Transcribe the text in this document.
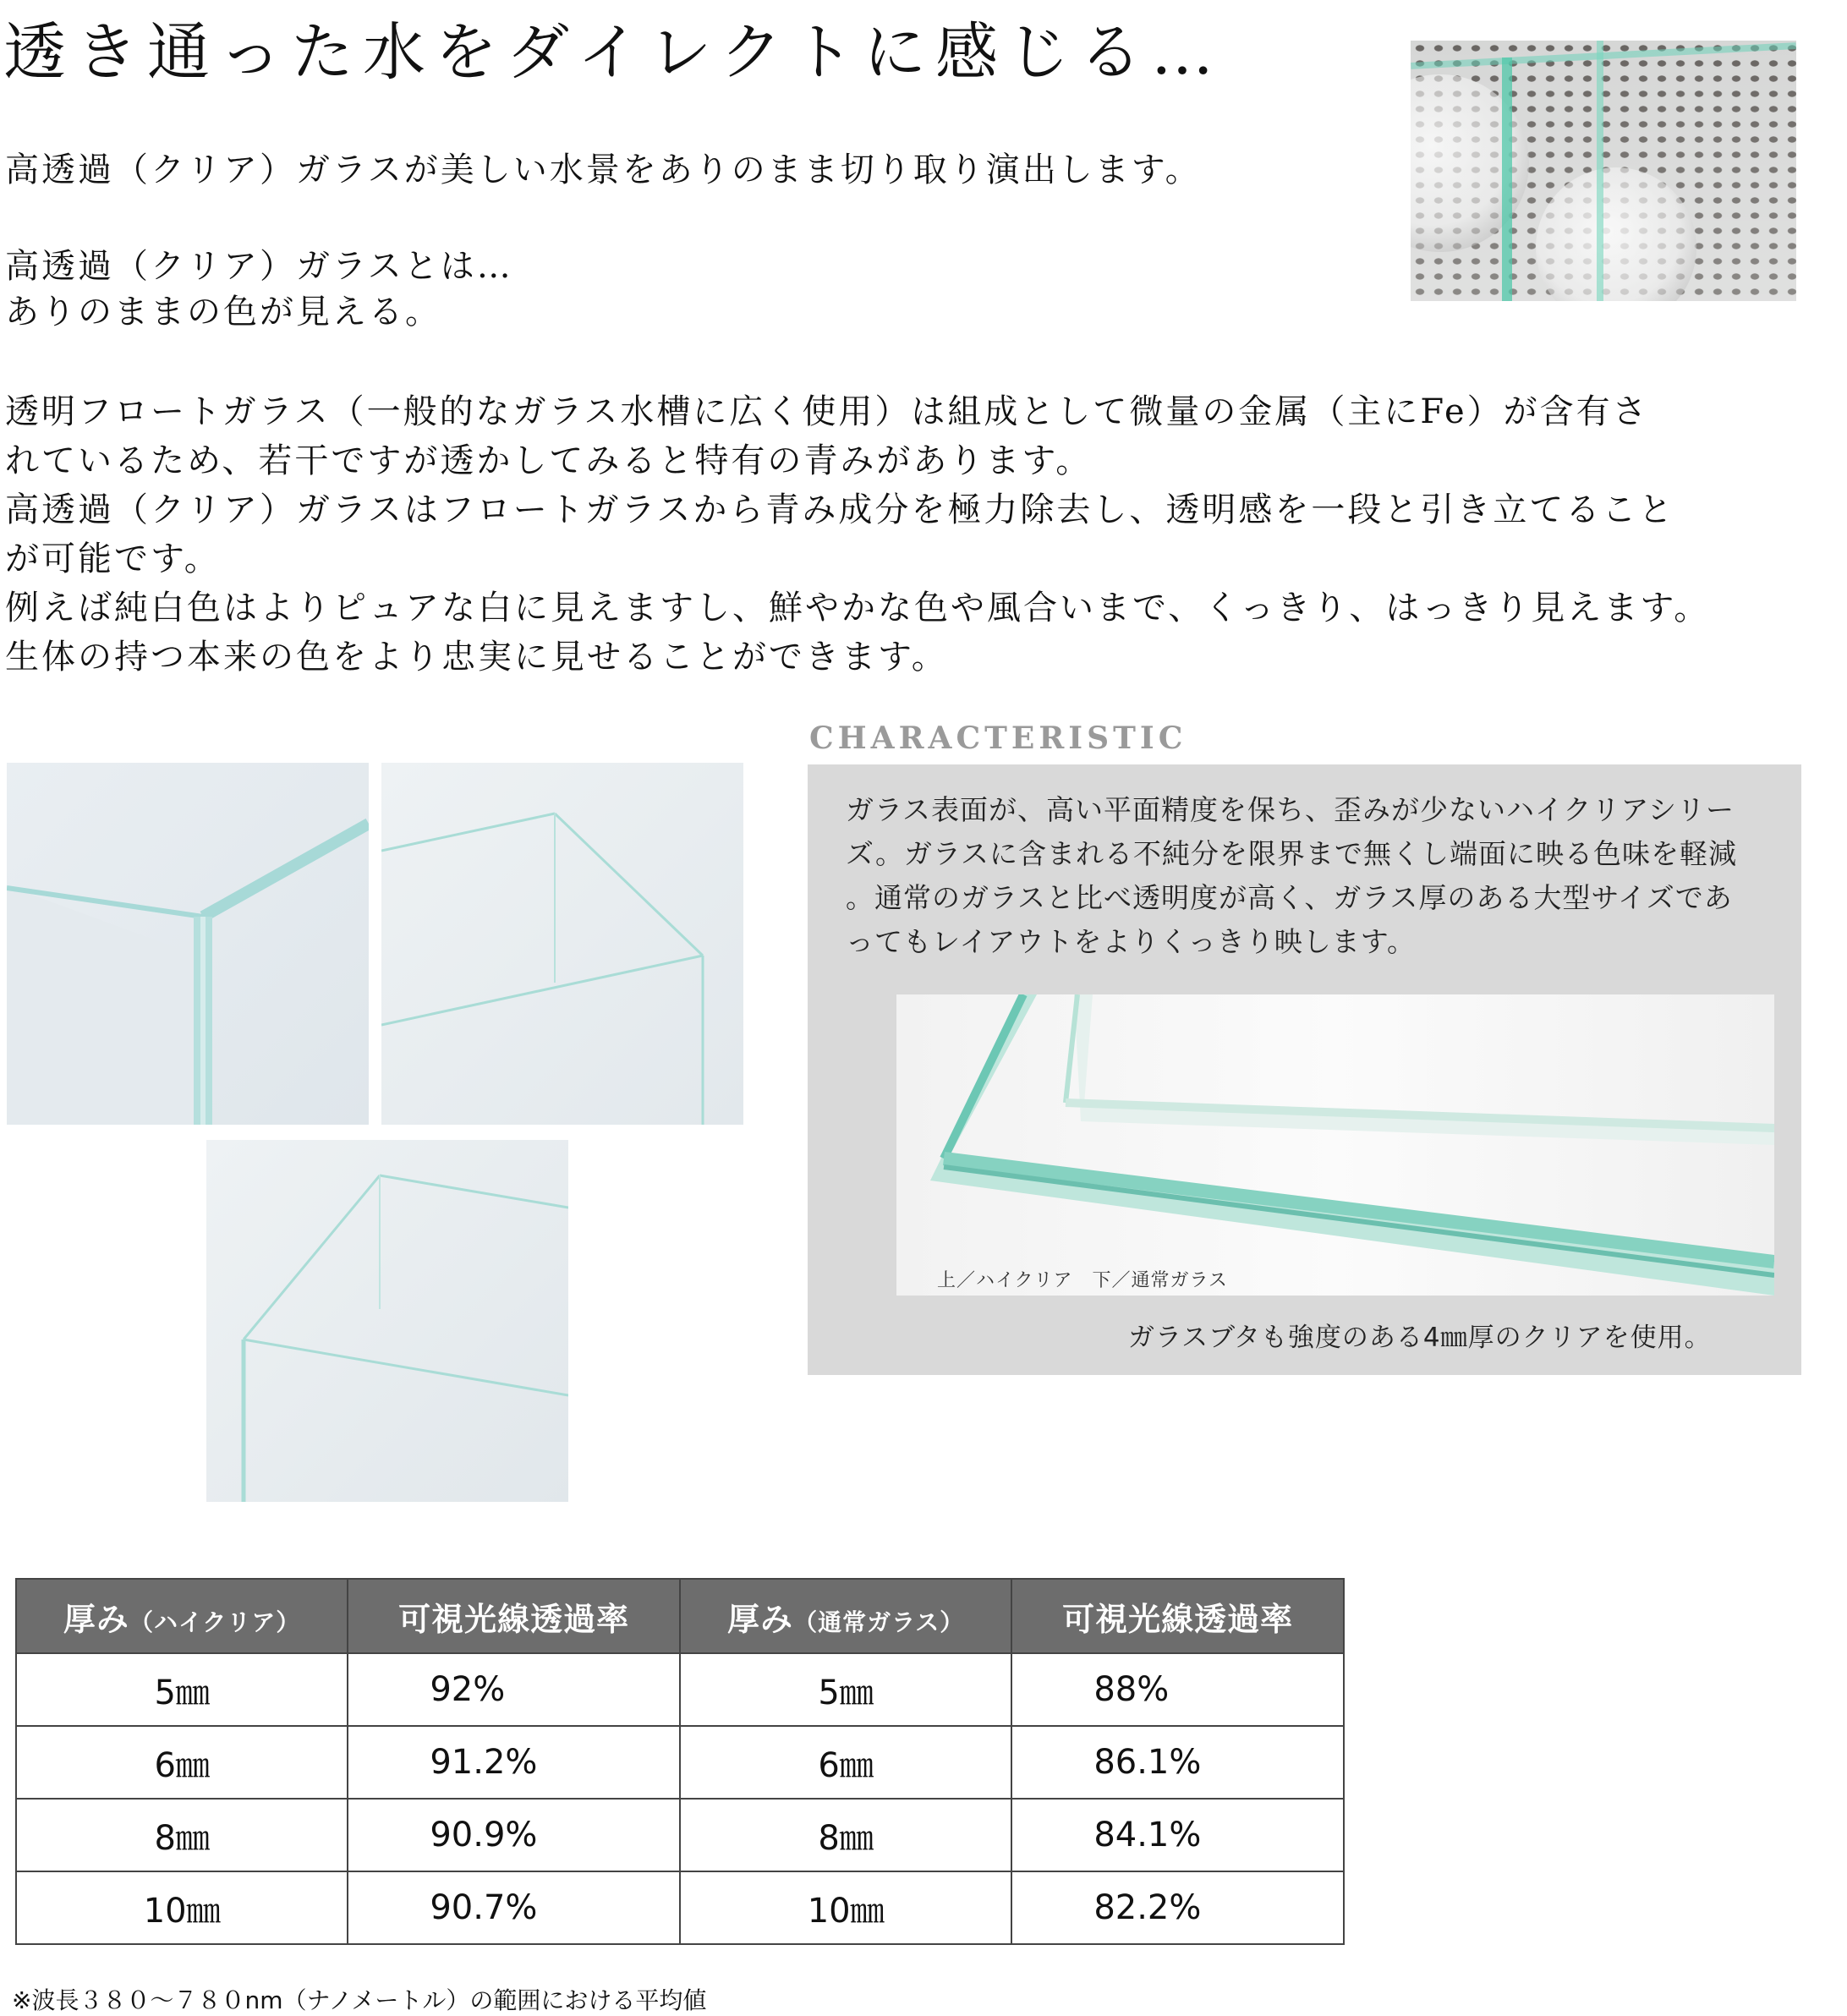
透き通った水をダイレクトに感じる…
高透過（クリア）ガラスが美しい水景をありのまま切り取り演出します。
高透過（クリア）ガラスとは…
ありのままの色が見える。
透明フロートガラス（一般的なガラス水槽に広く使用）は組成として微量の金属（主にFe）が含有さ
れているため、若干ですが透かしてみると特有の青みがあります。
高透過（クリア）ガラスはフロートガラスから青み成分を極力除去し、透明感を一段と引き立てること
が可能です。
例えば純白色はよりピュアな白に見えますし、鮮やかな色や風合いまで、くっきり、はっきり見えます。
生体の持つ本来の色をより忠実に見せることができます。
CHARACTERISTIC
ガラス表面が、高い平面精度を保ち、歪みが少ないハイクリアシリー
ズ。ガラスに含まれる不純分を限界まで無くし端面に映る色味を軽減
。通常のガラスと比べ透明度が高く、ガラス厚のある大型サイズであ
ってもレイアウトをよりくっきり映します。
上／ハイクリア　下／通常ガラス
ガラスブタも強度のある4㎜厚のクリアを使用。
厚み（ハイクリア）	可視光線透過率	厚み（通常ガラス）	可視光線透過率
5㎜	92%	5㎜	88%
6㎜	91.2%	6㎜	86.1%
8㎜	90.9%	8㎜	84.1%
10㎜	90.7%	10㎜	82.2%
※波長３８０～７８０nm（ナノメートル）の範囲における平均値
